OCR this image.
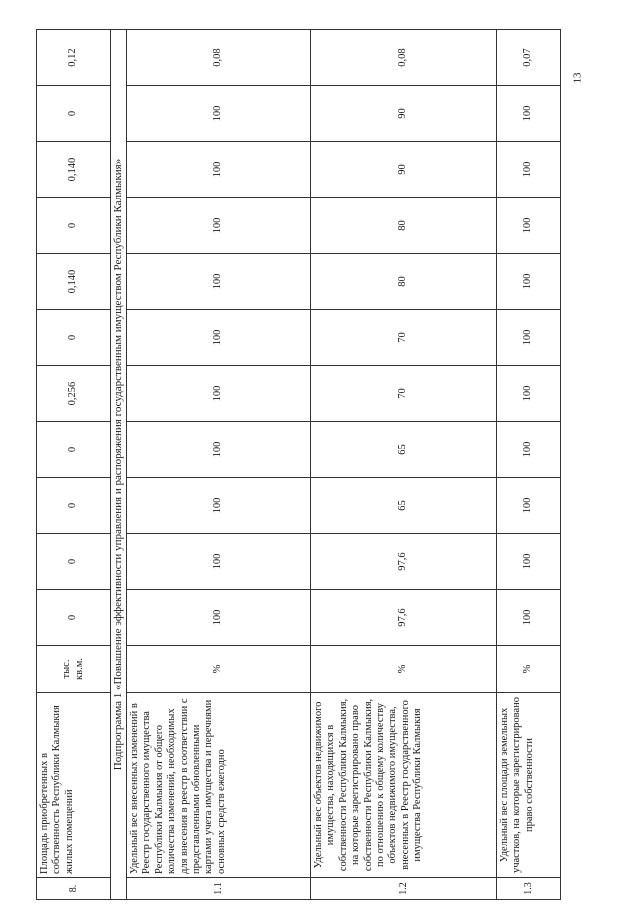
13
8.	Площадь приобретенных в собственность Республики Калмыкия жилых помещений	тыс. кв.м.	0	0	0	0	0,256	0	0,140	0	0,140	0	0,12
Подпрограмма 1 «Повышение эффективности управления и распоряжения государственным имуществом Республики Калмыкия»													
1.1	Удельный вес внесенных изменений в Реестр государственного имущества Республики Калмыкия от общего количества изменений, необходимых для внесения в реестр в соответствии с представленными обновленными картами учета имущества и перечнями основных средств ежегодно	%	100	100	100	100	100	100	100	100	100	100	0,08
1.2	Удельный вес объектов недвижимого имущества, находящихся в собственности Республики Калмыкия, на которые зарегистрировано право собственности Республики Калмыкия, по отношению к общему количеству объектов недвижимого имущества, внесенных в Реестр государственного имущества Республики Калмыкия	%	97,6	97,6	65	65	70	70	80	80	90	90	0,08
1.3	Удельный вес площади земельных участков, на которые зарегистрировано право собственности	%	100	100	100	100	100	100	100	100	100	100	0,07
